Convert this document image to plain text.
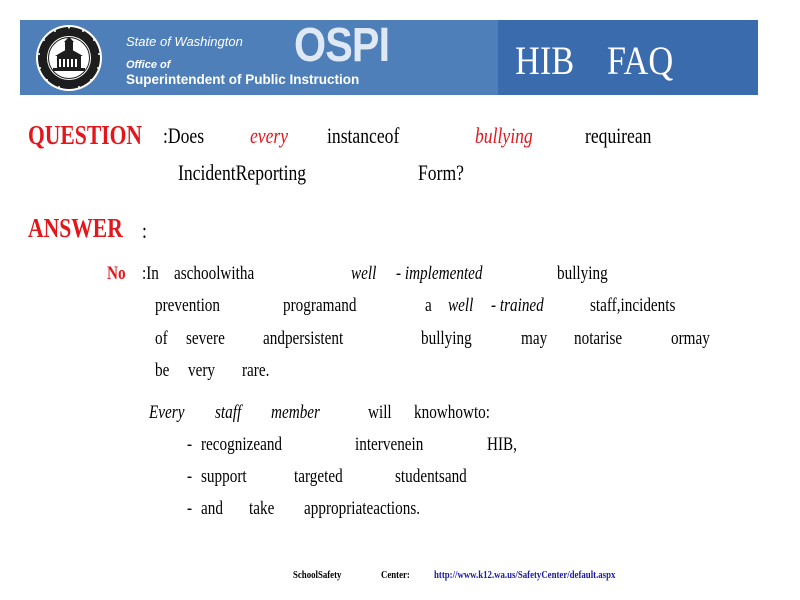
State of Washington OSPI
Office of
Superintendent of Public Instruction	HIB FAQ
QUESTION :Does	every	instanceof	bullying	requirean
IncidentReporting	Form?
ANSWER :
No :In aschoolwitha	well	- implemented	bullying
prevention	programand	a well - trained	staff,incidents
of severe	andpersistent	bullying	may	notarise	ormay
be very	rare.
Every	staff	member	will	knowhowto:
- recognizeand	intervenein	HIB,
- support	targeted	studentsand
- and take	appropriateactions.
SchoolSafety	Center:	http://www.k12.wa.us/SafetyCenter/default.aspx
